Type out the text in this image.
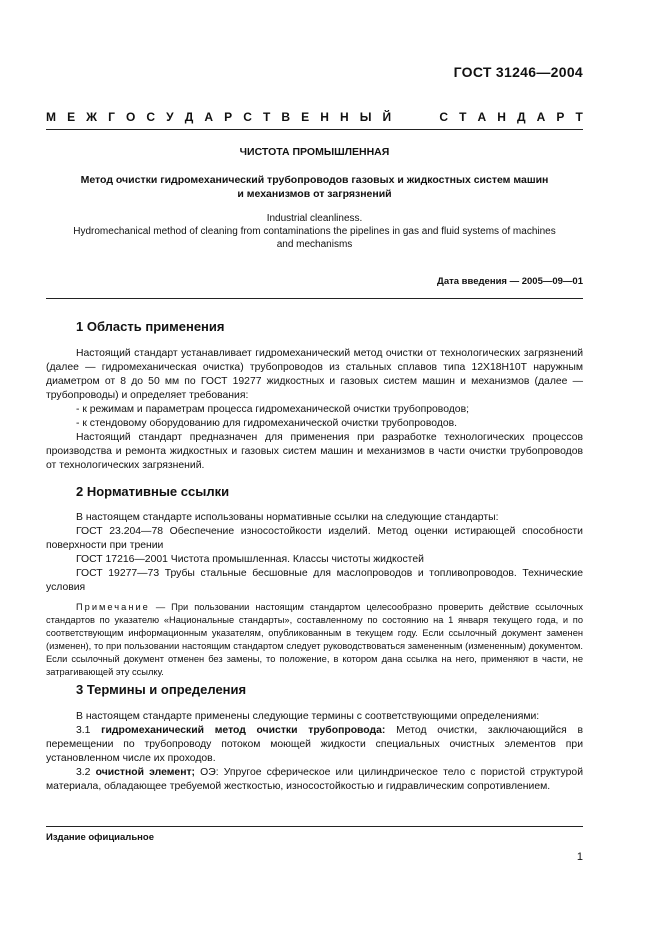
ГОСТ 31246—2004
М Е Ж Г О С У Д А Р С Т В Е Н Н Ы Й	С Т А Н Д А Р Т
ЧИСТОТА ПРОМЫШЛЕННАЯ
Метод очистки гидромеханический трубопроводов газовых и жидкостных систем машин
и механизмов от загрязнений
Industrial cleanliness.
Hydromechanical method of cleaning from contaminations the pipelines in gas and fluid systems of machines
and mechanisms
Дата введения — 2005—09—01
1 Область применения

Настоящий стандарт устанавливает гидромеханический метод очистки от технологических загрязнений (далее — гидромеханическая очистка) трубопроводов из стальных сплавов типа 12Х18Н10Т наружным диаметром от 8 до 50 мм по ГОСТ 19277 жидкостных и газовых систем машин и механизмов (далее — трубопроводы) и определяет требования:

- к режимам и параметрам процесса гидромеханической очистки трубопроводов;

- к стендовому оборудованию для гидромеханической очистки трубопроводов.

Настоящий стандарт предназначен для применения при разработке технологических процессов производства и ремонта жидкостных и газовых систем машин и механизмов в части очистки трубопроводов от технологических загрязнений.

2 Нормативные ссылки

В настоящем стандарте использованы нормативные ссылки на следующие стандарты:

ГОСТ 23.204—78 Обеспечение износостойкости изделий. Метод оценки истирающей способности поверхности при трении

ГОСТ 17216—2001 Чистота промышленная. Классы чистоты жидкостей

ГОСТ 19277—73 Трубы стальные бесшовные для маслопроводов и топливопроводов. Технические условия

Примечание — При пользовании настоящим стандартом целесообразно проверить действие ссылочных стандартов по указателю «Национальные стандарты», составленному по состоянию на 1 января текущего года, и по соответствующим информационным указателям, опубликованным в текущем году. Если ссылочный документ заменен (изменен), то при пользовании настоящим стандартом следует руководствоваться замененным (измененным) документом. Если ссылочный документ отменен без замены, то положение, в котором дана ссылка на него, применяют в части, не затрагивающей эту ссылку.

3 Термины и определения

В настоящем стандарте применены следующие термины с соответствующими определениями:

3.1 гидромеханический метод очистки трубопровода: Метод очистки, заключающийся в перемещении по трубопроводу потоком моющей жидкости специальных очистных элементов при установленном числе их проходов.

3.2 очистной элемент; ОЭ: Упругое сферическое или цилиндрическое тело с пористой структурой материала, обладающее требуемой жесткостью, износостойкостью и гидравлическим сопротивлением.

Издание официальное
1
